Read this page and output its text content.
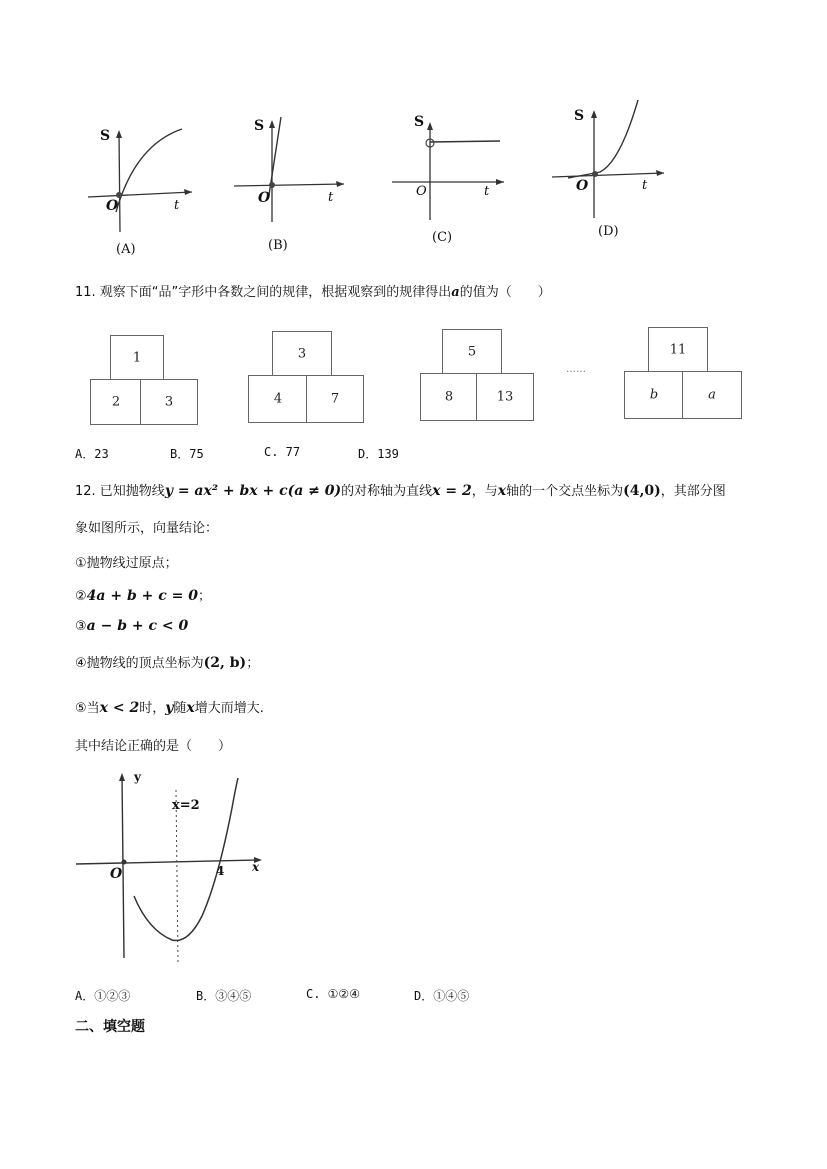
S
O	t
(A)
S
O	t
(B)
S
O	t
(C)
S
O	t
(D)
11. 观察下面“品”字形中各数之间的规律，根据观察到的规律得出a的值为（　　）
1
2	3
3
4	7
5
8	13
……
11
b	a
A．23	B．75	C. 77	D．139
12. 已知抛物线y = ax² + bx + c(a ≠ 0)的对称轴为直线x = 2，与x轴的一个交点坐标为(4,0)，其部分图
象如图所示，向量结论：
①抛物线过原点；
②4a + b + c = 0；
③a − b + c < 0
④抛物线的顶点坐标为(2, b)；
⑤当x < 2时，y随x增大而增大.
其中结论正确的是（　　）
y
x=2
O	4 x
A．①②③	B．③④⑤	C. ①②④	D．①④⑤
二、填空题
